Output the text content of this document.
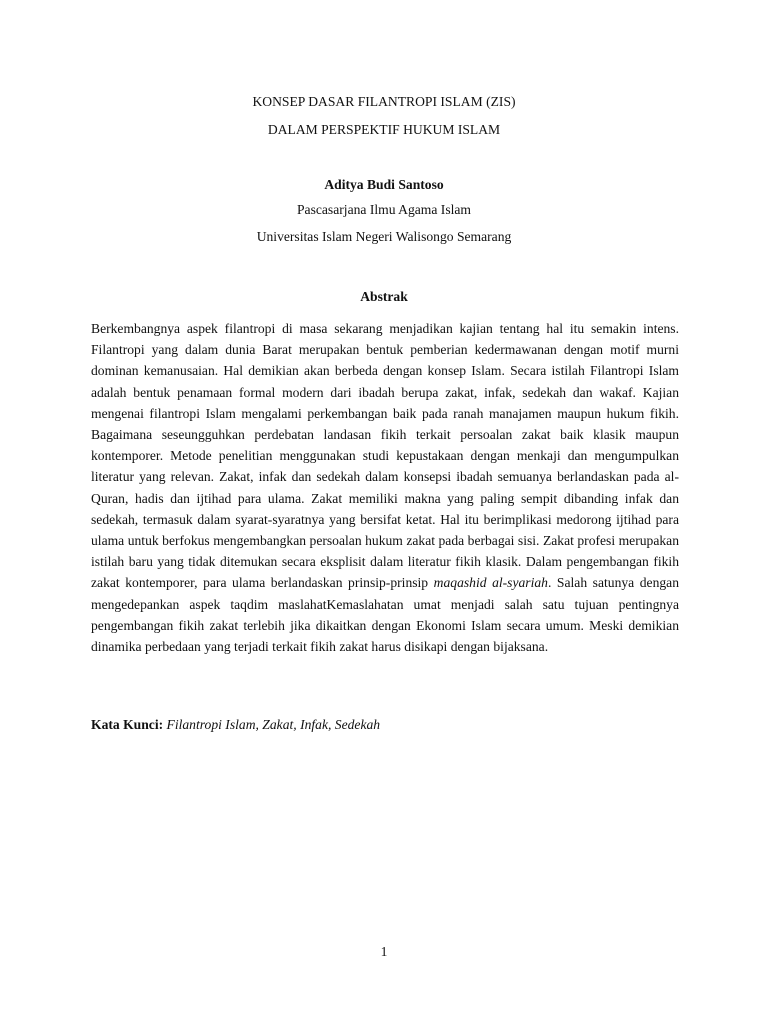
KONSEP DASAR FILANTROPI ISLAM (ZIS)
DALAM PERSPEKTIF HUKUM ISLAM
Aditya Budi Santoso
Pascasarjana Ilmu Agama Islam
Universitas Islam Negeri Walisongo Semarang
Abstrak

Berkembangnya aspek filantropi di masa sekarang menjadikan kajian tentang hal itu semakin intens. Filantropi yang dalam dunia Barat merupakan bentuk pemberian kedermawanan dengan motif murni dominan kemanusaian. Hal demikian akan berbeda dengan konsep Islam. Secara istilah Filantropi Islam adalah bentuk penamaan formal modern dari ibadah berupa zakat, infak, sedekah dan wakaf. Kajian mengenai filantropi Islam mengalami perkembangan baik pada ranah manajamen maupun hukum fikih. Bagaimana seseungguhkan perdebatan landasan fikih terkait persoalan zakat baik klasik maupun kontemporer. Metode penelitian menggunakan studi kepustakaan dengan menkaji dan mengumpulkan literatur yang relevan. Zakat, infak dan sedekah dalam konsepsi ibadah semuanya berlandaskan pada al-Quran, hadis dan ijtihad para ulama. Zakat memiliki makna yang paling sempit dibanding infak dan sedekah, termasuk dalam syarat-syaratnya yang bersifat ketat. Hal itu berimplikasi medorong ijtihad para ulama untuk berfokus mengembangkan persoalan hukum zakat pada berbagai sisi. Zakat profesi merupakan istilah baru yang tidak ditemukan secara eksplisit dalam literatur fikih klasik. Dalam pengembangan fikih zakat kontemporer, para ulama berlandaskan prinsip-prinsip maqashid al-syariah. Salah satunya dengan mengedepankan aspek taqdim maslahatKemaslahatan umat menjadi salah satu tujuan pentingnya pengembangan fikih zakat terlebih jika dikaitkan dengan Ekonomi Islam secara umum. Meski demikian dinamika perbedaan yang terjadi terkait fikih zakat harus disikapi dengan bijaksana.

Kata Kunci: Filantropi Islam, Zakat, Infak, Sedekah
1
